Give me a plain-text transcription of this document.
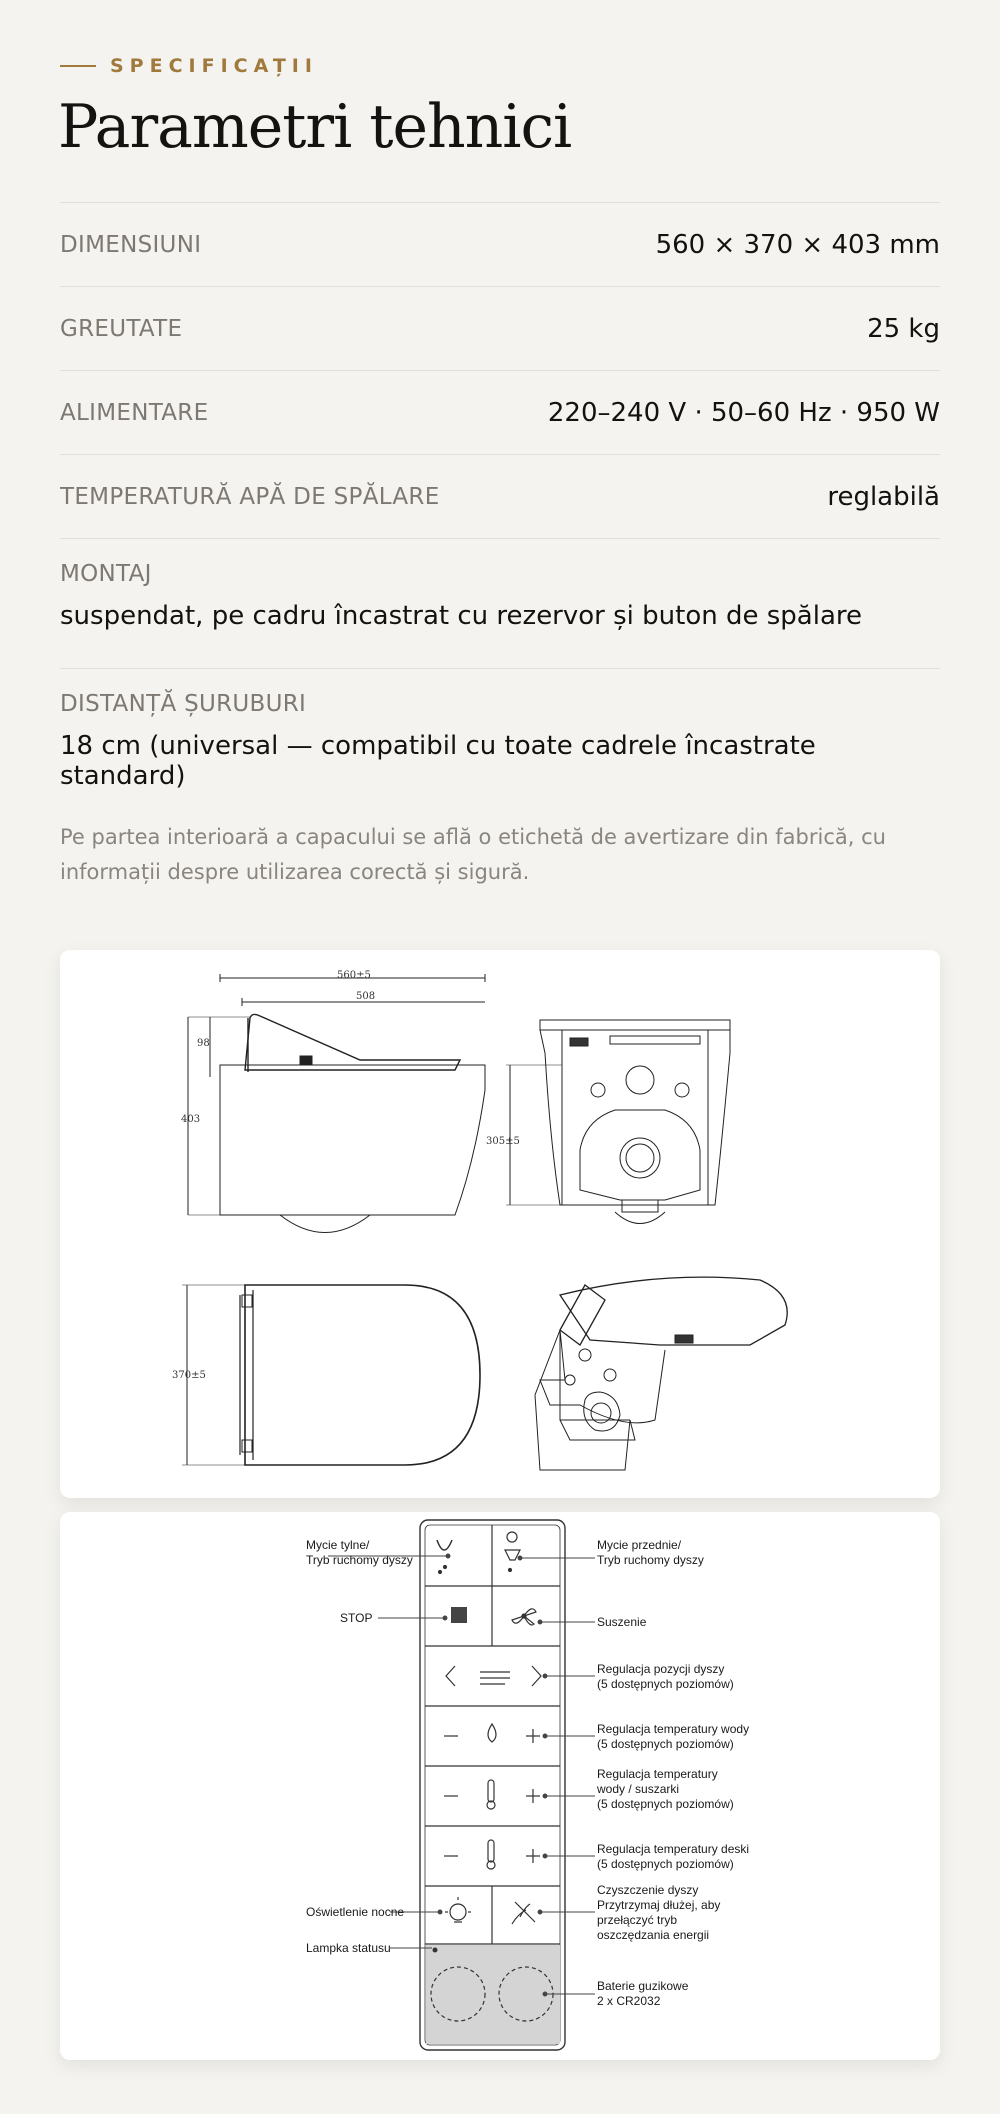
SPECIFICAȚII
Parametri tehnici
DIMENSIUNI	560 × 370 × 403 mm
GREUTATE	25 kg
ALIMENTARE	220–240 V · 50–60 Hz · 950 W
TEMPERATURĂ APĂ DE SPĂLARE	reglabilă
MONTAJ
suspendat, pe cadru încastrat cu rezervor și buton de spălare
DISTANȚĂ ȘURUBURI
18 cm (universal — compatibil cu toate cadrele încastrate standard)

Pe partea interioară a capacului se află o etichetă de avertizare din fabrică, cu informații despre utilizarea corectă și sigură.

560±5
508
98
403
305±5
370±5
Mycie tylne/
Tryb ruchomy dyszy
STOP
Oświetlenie nocne
Lampka statusu
Mycie przednie/
Tryb ruchomy dyszy
Suszenie
Regulacja pozycji dyszy
(5 dostępnych poziomów)
Regulacja temperatury wody
(5 dostępnych poziomów)
Regulacja temperatury
wody / suszarki
(5 dostępnych poziomów)
Regulacja temperatury deski
(5 dostępnych poziomów)
Czyszczenie dyszy
Przytrzymaj dłużej, aby
przełączyć tryb
oszczędzania energii
Baterie guzikowe
2 x CR2032
